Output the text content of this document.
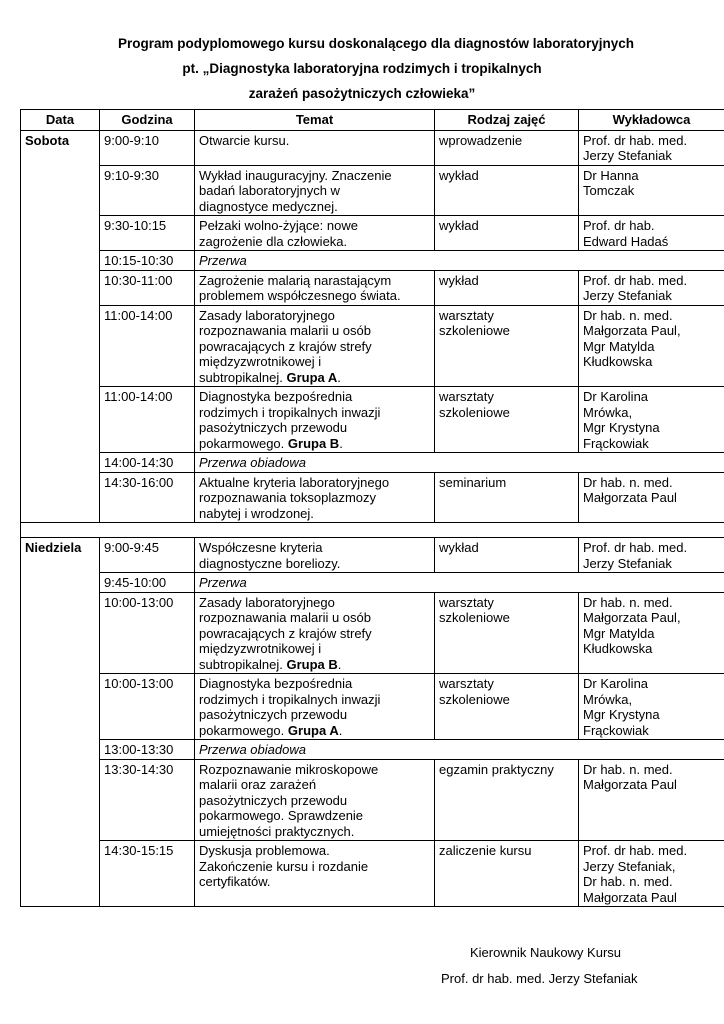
Program podyplomowego kursu doskonalącego dla diagnostów laboratoryjnych
pt. „Diagnostyka laboratoryjna rodzimych i tropikalnych
zarażeń pasożytniczych człowieka”
Data	Godzina	Temat	Rodzaj zajęć	Wykładowca
Sobota	9:00-9:10	Otwarcie kursu.	wprowadzenie	Prof. dr hab. med.
Jerzy Stefaniak
	9:10-9:30	Wykład inauguracyjny. Znaczenie
badań laboratoryjnych w
diagnostyce medycznej.	wykład	Dr Hanna
Tomczak
	9:30-10:15	Pełzaki wolno-żyjące: nowe
zagrożenie dla człowieka.	wykład	Prof. dr hab.
Edward Hadaś
	10:15-10:30	Przerwa		
	10:30-11:00	Zagrożenie malarią narastającym
problemem współczesnego świata.	wykład	Prof. dr hab. med.
Jerzy Stefaniak
	11:00-14:00	Zasady laboratoryjnego
rozpoznawania malarii u osób
powracających z krajów strefy
międzyzwrotnikowej i
subtropikalnej. Grupa A.	warsztaty
szkoleniowe	Dr hab. n. med.
Małgorzata Paul,
Mgr Matylda
Kłudkowska
	11:00-14:00	Diagnostyka bezpośrednia
rodzimych i tropikalnych inwazji
pasożytniczych przewodu
pokarmowego. Grupa B.	warsztaty
szkoleniowe	Dr Karolina
Mrówka,
Mgr Krystyna
Frąckowiak
	14:00-14:30	Przerwa obiadowa		
	14:30-16:00	Aktualne kryteria laboratoryjnego
rozpoznawania toksoplazmozy
nabytej i wrodzonej.	seminarium	Dr hab. n. med.
Małgorzata Paul

Niedziela	9:00-9:45	Współczesne kryteria
diagnostyczne boreliozy.	wykład	Prof. dr hab. med.
Jerzy Stefaniak
	9:45-10:00	Przerwa		
	10:00-13:00	Zasady laboratoryjnego
rozpoznawania malarii u osób
powracających z krajów strefy
międzyzwrotnikowej i
subtropikalnej. Grupa B.	warsztaty
szkoleniowe	Dr hab. n. med.
Małgorzata Paul,
Mgr Matylda
Kłudkowska
	10:00-13:00	Diagnostyka bezpośrednia
rodzimych i tropikalnych inwazji
pasożytniczych przewodu
pokarmowego. Grupa A.	warsztaty
szkoleniowe	Dr Karolina
Mrówka,
Mgr Krystyna
Frąckowiak
	13:00-13:30	Przerwa obiadowa		
	13:30-14:30	Rozpoznawanie mikroskopowe
malarii oraz zarażeń
pasożytniczych przewodu
pokarmowego. Sprawdzenie
umiejętności praktycznych.	egzamin praktyczny	Dr hab. n. med.
Małgorzata Paul
	14:30-15:15	Dyskusja problemowa.
Zakończenie kursu i rozdanie
certyfikatów.	zaliczenie kursu	Prof. dr hab. med.
Jerzy Stefaniak,
Dr hab. n. med.
Małgorzata Paul
Kierownik Naukowy Kursu
Prof. dr hab. med. Jerzy Stefaniak
